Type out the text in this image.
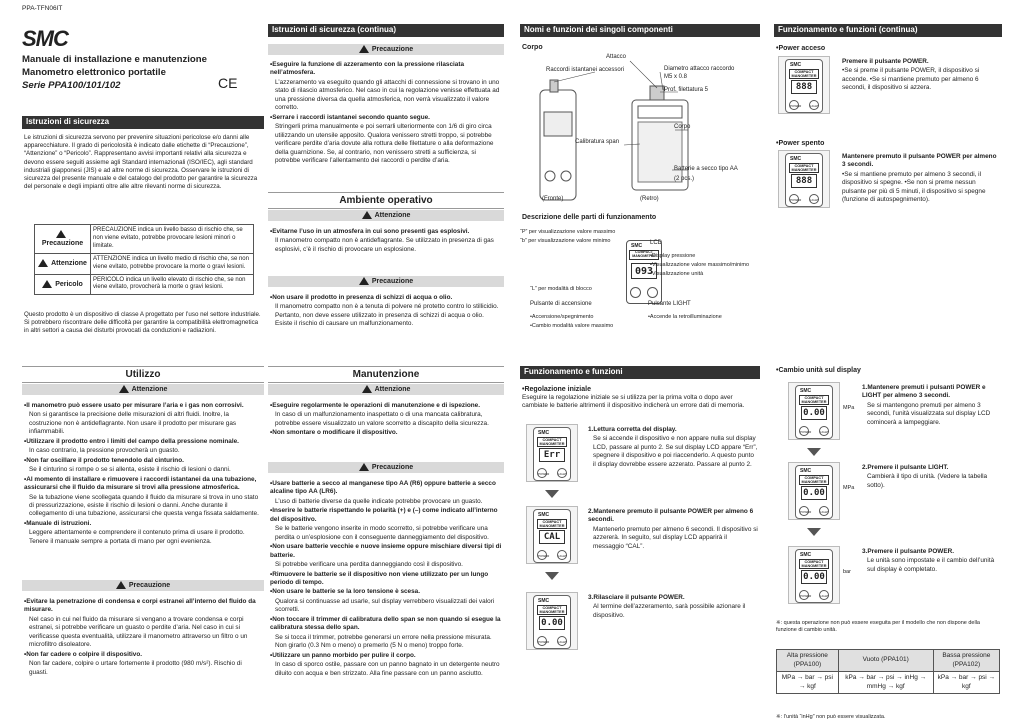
PPA-TFN06IT
SMC
Manuale di installazione e manutenzione
Manometro elettronico portatile
Serie PPA100/101/102	CE
Istruzioni di sicurezza
Le istruzioni di sicurezza servono per prevenire situazioni pericolose e/o danni alle apparecchiature. Il grado di pericolosità è indicato dalle etichette di “Precauzione”, “Attenzione” o “Pericolo”. Rappresentano avvisi importanti relativi alla sicurezza e devono essere seguiti assieme agli Standard internazionali (ISO/IEC), agli standard industriali giapponesi (JIS) e ad altre norme di sicurezza. Osservare le istruzioni di sicurezza del presente manuale e del catalogo del prodotto per garantire la sicurezza del personale e degli impianti oltre alle altre rilevanti norme di sicurezza.
Precauzione	PRECAUZIONE indica un livello basso di rischio che, se non viene evitato, potrebbe provocare lesioni minori o limitate.
Attenzione	ATTENZIONE indica un livello medio di rischio che, se non viene evitato, potrebbe provocare la morte o gravi lesioni.
Pericolo	PERICOLO indica un livello elevato di rischio che, se non viene evitato, provocherà la morte o gravi lesioni.
Questo prodotto è un dispositivo di classe A progettato per l’uso nel settore industriale. Si potrebbero riscontrare delle difficoltà per garantire la compatibilità elettromagnetica in altri settori a causa dei disturbi provocati da conduzioni e radiazioni.
Utilizzo
Attenzione

•Il manometro può essere usato per misurare l’aria e i gas non corrosivi.

Non si garantisce la precisione delle misurazioni di altri fluidi. Inoltre, la costruzione non è antideflagrante. Non usare il prodotto per misurare gas infiammabili.

•Utilizzare il prodotto entro i limiti del campo della pressione nominale.

In caso contrario, la pressione provocherà un guasto.

•Non far oscillare il prodotto tenendolo dal cinturino.

Se il cinturino si rompe o se si allenta, esiste il rischio di lesioni o danni.

•Al momento di installare e rimuovere i raccordi istantanei da una tubazione, assicurarsi che il fluido da misurare si trovi alla pressione atmosferica.

Se la tubazione viene scollegata quando il fluido da misurare si trova in uno stato di pressurizzazione, esiste il rischio di lesioni o danni. Anche durante il collegamento di una tubazione, assicurarsi che questa venga fissata saldamente.

•Manuale di istruzioni.

Leggere attentamente e comprendere il contenuto prima di usare il prodotto. Tenere il manuale sempre a portata di mano per ogni evenienza.

Precauzione

•Evitare la penetrazione di condensa e corpi estranei all’interno del fluido da misurare.

Nel caso in cui nel fluido da misurare si vengano a trovare condensa e corpi estranei, si potrebbe verificare un guasto o perdite d’aria. Nel caso in cui si verificasse questa eventualità, utilizzare il manometro attraverso un filtro o un microfiltro disoleatore.

•Non far cadere o colpire il dispositivo.

Non far cadere, colpire o urtare fortemente il prodotto (980 m/s²). Rischio di guasti.

Istruzioni di sicurezza (continua)
Precauzione

•Eseguire la funzione di azzeramento con la pressione rilasciata nell’atmosfera.

L’azzeramento va eseguito quando gli attacchi di connessione si trovano in uno stato di rilascio atmosferico. Nel caso in cui la regolazione venisse effettuata ad una pressione diversa da quella atmosferica, non verrà visualizzato il valore corretto.

•Serrare i raccordi istantanei secondo quanto segue.

Stringerli prima manualmente e poi serrarli ulteriormente con 1/6 di giro circa utilizzando un utensile apposito. Qualora venissero stretti troppo, si potrebbe verificare perdite d’aria dovute alla rottura delle filettature o alla deformazione della guarnizione. Se, al contrario, non venissero stretti a sufficienza, si potrebbe verificare l’allentamento dei raccordi o perdite d’aria.

Ambiente operativo
Attenzione

•Evitarne l’uso in un atmosfera in cui sono presenti gas esplosivi.

Il manometro compatto non è antideflagrante. Se utilizzato in presenza di gas esplosivi, c’è il rischio di provocare un esplosione.

Precauzione

•Non usare il prodotto in presenza di schizzi di acqua o olio.

Il manometro compatto non è a tenuta di polvere né protetto contro lo stillicidio. Pertanto, non deve essere utilizzato in presenza di schizzi di acqua o olio. Esiste il rischio di causare un malfunzionamento.

Manutenzione
Attenzione

•Eseguire regolarmente le operazioni di manutenzione e di ispezione.

In caso di un malfunzionamento inaspettato o di una mancata calibratura, potrebbe essere visualizzato un valore scorretto a discapito della sicurezza.

•Non smontare o modificare il dispositivo.

Precauzione

•Usare batterie a secco al manganese tipo AA (R6) oppure batterie a secco alcaline tipo AA (LR6).

L’uso di batterie diverse da quelle indicate potrebbe provocare un guasto.

•Inserire le batterie rispettando le polarità (+) e (–) come indicato all’interno del dispositivo.

Se le batterie vengono inserite in modo scorretto, si potrebbe verificare una perdita o un’esplosione con il conseguente danneggiamento del dispositivo.

•Non usare batterie vecchie e nuove insieme oppure mischiare diversi tipi di batterie.

Si potrebbe verificare una perdita danneggiando così il dispositivo.

•Rimuovere le batterie se il dispositivo non viene utilizzato per un lungo periodo di tempo.

•Non usare le batterie se la loro tensione è scesa.

Qualora si continuasse ad usarle, sul display verrebbero visualizzati dei valori scorretti.

•Non toccare il trimmer di calibratura dello span se non quando si esegue la calibratura stessa dello span.

Se si tocca il trimmer, potrebbe generarsi un errore nella pressione misurata. Non girarlo (0.3 Nm o meno) o premerlo (5 N o meno) troppo forte.

•Utilizzare un panno morbido per pulire il corpo.

In caso di sporco ostile, passare con un panno bagnato in un detergente neutro diluito con acqua e ben strizzato. Alla fine passare con un panno asciutto.

Nomi e funzioni dei singoli componenti
Corpo
Attacco
Raccordi istantanei accessori	Diametro attacco raccordo
M5 x 0.8
Prof. filettatura 5
Corpo
Calibratura span
Batterie a secco tipo AA
(2 pcs.)
(Fronte)	(Retro)
Descrizione delle parti di funzionamento
“P” per visualizzazione valore massimo
“b” per visualizzazione valore minimo
SMC
COMPACT MANOMETER
093
LCD
•Display pressione
•Visualizzazione valore massimo/minimo
•Visualizzazione unità
“L” per modalità di blocco
Pulsante di accensione
•Accensione/spegnimento
•Cambio modalità valore massimo
Pulsante LIGHT
•Accende la retroilluminazione
Funzionamento e funzioni
•Regolazione iniziale
Eseguire la regolazione iniziale se si utilizza per la prima volta o dopo aver cambiate le batterie altrimenti il dispositivo indicherà un errore dati di memoria.
SMC
COMPACT MANOMETER
Err
POWER	LIGHT

1.Lettura corretta del display.

Se si accende il dispositivo e non appare nulla sul display LCD, passare al punto 2. Se sul display LCD appare “Err”, spegnere il dispositivo e poi riaccenderlo. A questo punto il display dovrebbe essere azzerato. Passare al punto 2.

SMC
COMPACT MANOMETER
CAL
POWER	LIGHT

2.Mantenere premuto il pulsante POWER per almeno 6 secondi.

Mantenerlo premuto per almeno 6 secondi. Il dispositivo si azzererà. In seguito, sul display LCD apparirà il messaggio “CAL”.

SMC
COMPACT MANOMETER
0.00
POWER	LIGHT

3.Rilasciare il pulsante POWER.

Al termine dell’azzeramento, sarà possibile azionare il dispositivo.

Funzionamento e funzioni (continua)
•Power acceso

Premere il pulsante POWER.

•Se si preme il pulsante POWER, il dispositivo si accende. •Se si mantiene premuto per almeno 6 secondi, il dispositivo si azzera.

•Power spento

Mantenere premuto il pulsante POWER per almeno 3 secondi.

•Se si mantiene premuto per almeno 3 secondi, il dispositivo si spegne. •Se non si preme nessun pulsante per più di 5 minuti, il dispositivo si spegne (funzione di autospegnimento).

•Cambio unità sul display
※: questa operazione non può essere eseguita per il modello che non dispone della funzione di cambio unità.
Alta pressione (PPA100)	Vuoto (PPA101)	Bassa pressione (PPA102)
MPa → bar → psi → kgf	kPa → bar → psi → inHg → mmHg → kgf	kPa → bar → psi → kgf
※: l’unità “inHg” non può essere visualizzata.
SMC
COMPACT MANOMETER
888
POWER	LIGHT
SMC
COMPACT MANOMETER
888
POWER	LIGHT
SMC
COMPACT MANOMETER
0.00
POWER	LIGHT
MPa

1.Mantenere premuti i pulsanti POWER e LIGHT per almeno 3 secondi.

Se si mantengono premuti per almeno 3 secondi, l’unità visualizzata sul display LCD comincerà a lampeggiare.

SMC
COMPACT MANOMETER
0.00
POWER	LIGHT
MPa

2.Premere il pulsante LIGHT.

Cambierà il tipo di unità. (Vedere la tabella sotto).

SMC
COMPACT MANOMETER
0.00
POWER	LIGHT
bar

3.Premere il pulsante POWER.

Le unità sono impostate e il cambio dell’unità sul display è completato.
